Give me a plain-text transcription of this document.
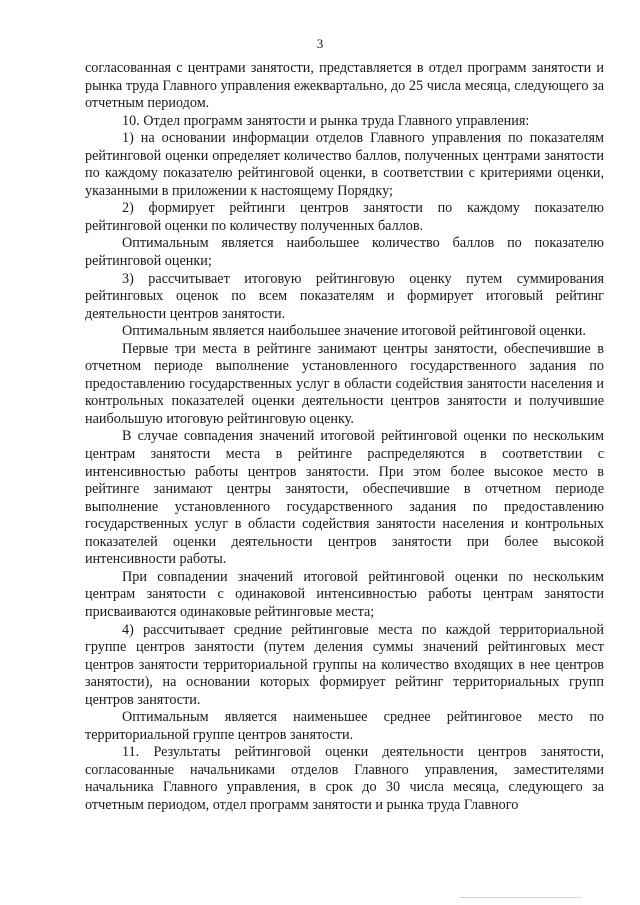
3

согласованная с центрами занятости, представляется в отдел программ занятости и рынка труда Главного управления ежеквартально, до 25 числа месяца, следующего за отчетным периодом.

10. Отдел программ занятости и рынка труда Главного управления:

1) на основании информации отделов Главного управления по показателям рейтинговой оценки определяет количество баллов, полученных центрами занятости по каждому показателю рейтинговой оценки, в соответствии с критериями оценки, указанными в приложении к настоящему Порядку;

2) формирует рейтинги центров занятости по каждому показателю рейтинговой оценки по количеству полученных баллов.

Оптимальным является наибольшее количество баллов по показателю рейтинговой оценки;

3) рассчитывает итоговую рейтинговую оценку путем суммирования рейтинговых оценок по всем показателям и формирует итоговый рейтинг деятельности центров занятости.

Оптимальным является наибольшее значение итоговой рейтинговой оценки.

Первые три места в рейтинге занимают центры занятости, обеспечившие в отчетном периоде выполнение установленного государственного задания по предоставлению государственных услуг в области содействия занятости населения и контрольных показателей оценки деятельности центров занятости и получившие наибольшую итоговую рейтинговую оценку.

В случае совпадения значений итоговой рейтинговой оценки по нескольким центрам занятости места в рейтинге распределяются в соответствии с интенсивностью работы центров занятости. При этом более высокое место в рейтинге занимают центры занятости, обеспечившие в отчетном периоде выполнение установленного государственного задания по предоставлению государственных услуг в области содействия занятости населения и контрольных показателей оценки деятельности центров занятости при более высокой интенсивности работы.

При совпадении значений итоговой рейтинговой оценки по нескольким центрам занятости с одинаковой интенсивностью работы центрам занятости присваиваются одинаковые рейтинговые места;

4) рассчитывает средние рейтинговые места по каждой территориальной группе центров занятости (путем деления суммы значений рейтинговых мест центров занятости территориальной группы на количество входящих в нее центров занятости), на основании которых формирует рейтинг территориальных групп центров занятости.

Оптимальным является наименьшее среднее рейтинговое место по территориальной группе центров занятости.

11. Результаты рейтинговой оценки деятельности центров занятости, согласованные начальниками отделов Главного управления, заместителями начальника Главного управления, в срок до 30 числа месяца, следующего за отчетным периодом, отдел программ занятости и рынка труда Главного
